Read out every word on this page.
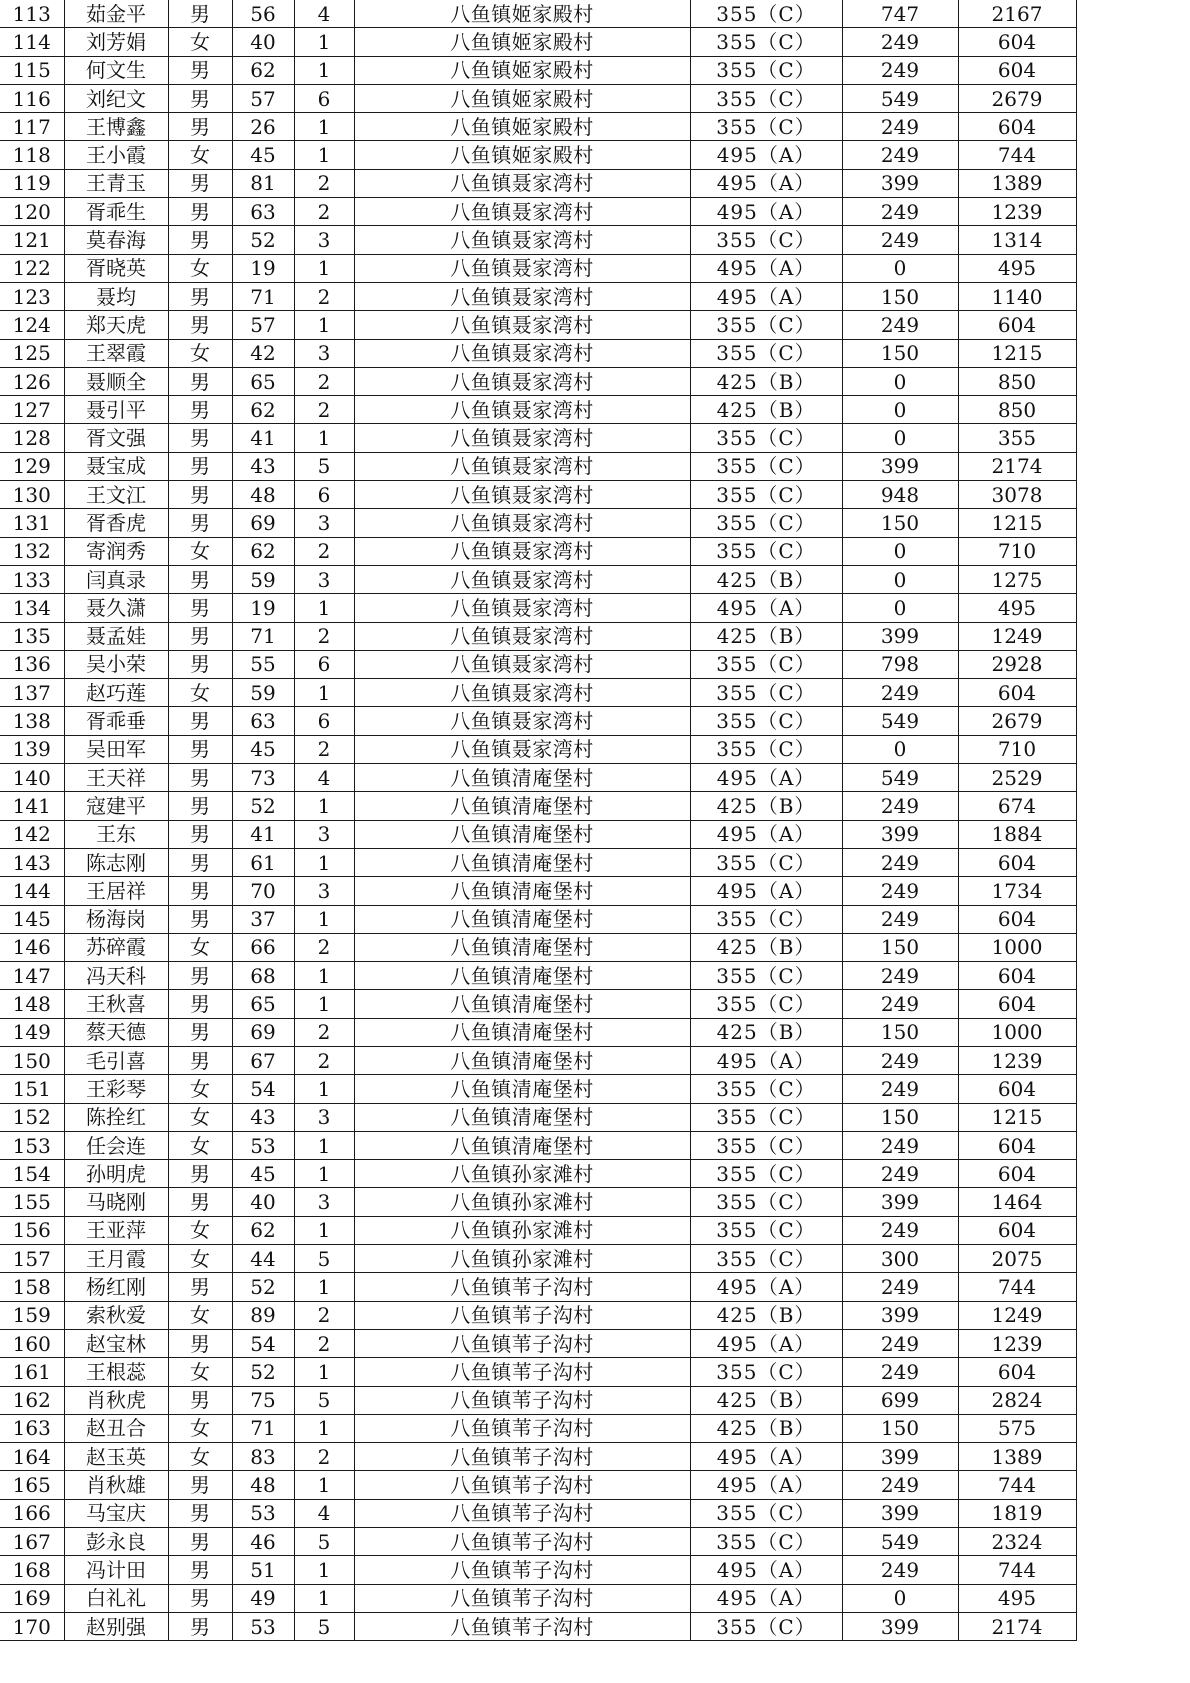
113	茹金平	男	56	4	八鱼镇姬家殿村	355（C）	747	2167
114	刘芳娟	女	40	1	八鱼镇姬家殿村	355（C）	249	604
115	何文生	男	62	1	八鱼镇姬家殿村	355（C）	249	604
116	刘纪文	男	57	6	八鱼镇姬家殿村	355（C）	549	2679
117	王博鑫	男	26	1	八鱼镇姬家殿村	355（C）	249	604
118	王小霞	女	45	1	八鱼镇姬家殿村	495（A）	249	744
119	王青玉	男	81	2	八鱼镇聂家湾村	495（A）	399	1389
120	胥乖生	男	63	2	八鱼镇聂家湾村	495（A）	249	1239
121	莫春海	男	52	3	八鱼镇聂家湾村	355（C）	249	1314
122	胥晓英	女	19	1	八鱼镇聂家湾村	495（A）	0	495
123	聂均	男	71	2	八鱼镇聂家湾村	495（A）	150	1140
124	郑天虎	男	57	1	八鱼镇聂家湾村	355（C）	249	604
125	王翠霞	女	42	3	八鱼镇聂家湾村	355（C）	150	1215
126	聂顺全	男	65	2	八鱼镇聂家湾村	425（B）	0	850
127	聂引平	男	62	2	八鱼镇聂家湾村	425（B）	0	850
128	胥文强	男	41	1	八鱼镇聂家湾村	355（C）	0	355
129	聂宝成	男	43	5	八鱼镇聂家湾村	355（C）	399	2174
130	王文江	男	48	6	八鱼镇聂家湾村	355（C）	948	3078
131	胥香虎	男	69	3	八鱼镇聂家湾村	355（C）	150	1215
132	寄润秀	女	62	2	八鱼镇聂家湾村	355（C）	0	710
133	闫真录	男	59	3	八鱼镇聂家湾村	425（B）	0	1275
134	聂久潇	男	19	1	八鱼镇聂家湾村	495（A）	0	495
135	聂孟娃	男	71	2	八鱼镇聂家湾村	425（B）	399	1249
136	吴小荣	男	55	6	八鱼镇聂家湾村	355（C）	798	2928
137	赵巧莲	女	59	1	八鱼镇聂家湾村	355（C）	249	604
138	胥乖垂	男	63	6	八鱼镇聂家湾村	355（C）	549	2679
139	吴田军	男	45	2	八鱼镇聂家湾村	355（C）	0	710
140	王天祥	男	73	4	八鱼镇清庵堡村	495（A）	549	2529
141	寇建平	男	52	1	八鱼镇清庵堡村	425（B）	249	674
142	王东	男	41	3	八鱼镇清庵堡村	495（A）	399	1884
143	陈志刚	男	61	1	八鱼镇清庵堡村	355（C）	249	604
144	王居祥	男	70	3	八鱼镇清庵堡村	495（A）	249	1734
145	杨海岗	男	37	1	八鱼镇清庵堡村	355（C）	249	604
146	苏碎霞	女	66	2	八鱼镇清庵堡村	425（B）	150	1000
147	冯天科	男	68	1	八鱼镇清庵堡村	355（C）	249	604
148	王秋喜	男	65	1	八鱼镇清庵堡村	355（C）	249	604
149	蔡天德	男	69	2	八鱼镇清庵堡村	425（B）	150	1000
150	毛引喜	男	67	2	八鱼镇清庵堡村	495（A）	249	1239
151	王彩琴	女	54	1	八鱼镇清庵堡村	355（C）	249	604
152	陈拴红	女	43	3	八鱼镇清庵堡村	355（C）	150	1215
153	任会连	女	53	1	八鱼镇清庵堡村	355（C）	249	604
154	孙明虎	男	45	1	八鱼镇孙家滩村	355（C）	249	604
155	马晓刚	男	40	3	八鱼镇孙家滩村	355（C）	399	1464
156	王亚萍	女	62	1	八鱼镇孙家滩村	355（C）	249	604
157	王月霞	女	44	5	八鱼镇孙家滩村	355（C）	300	2075
158	杨红刚	男	52	1	八鱼镇苇子沟村	495（A）	249	744
159	索秋爱	女	89	2	八鱼镇苇子沟村	425（B）	399	1249
160	赵宝林	男	54	2	八鱼镇苇子沟村	495（A）	249	1239
161	王根蕊	女	52	1	八鱼镇苇子沟村	355（C）	249	604
162	肖秋虎	男	75	5	八鱼镇苇子沟村	425（B）	699	2824
163	赵丑合	女	71	1	八鱼镇苇子沟村	425（B）	150	575
164	赵玉英	女	83	2	八鱼镇苇子沟村	495（A）	399	1389
165	肖秋雄	男	48	1	八鱼镇苇子沟村	495（A）	249	744
166	马宝庆	男	53	4	八鱼镇苇子沟村	355（C）	399	1819
167	彭永良	男	46	5	八鱼镇苇子沟村	355（C）	549	2324
168	冯计田	男	51	1	八鱼镇苇子沟村	495（A）	249	744
169	白礼礼	男	49	1	八鱼镇苇子沟村	495（A）	0	495
170	赵别强	男	53	5	八鱼镇苇子沟村	355（C）	399	2174
